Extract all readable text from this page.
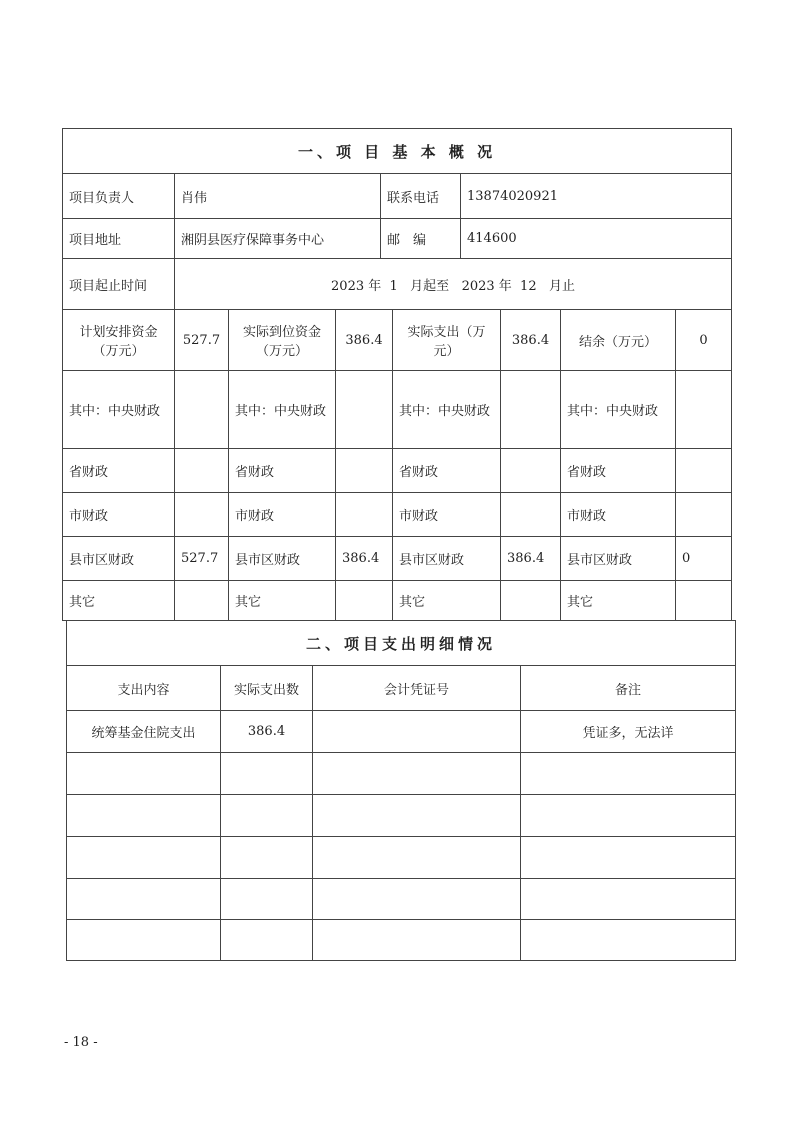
一、项 目 基 本 概 况									
项目负责人	肖伟			联系电话		13874020921			
项目地址	湘阴县医疗保障事务中心			邮　编		414600			
项目起止时间	2023 年  1   月起至   2023 年  12   月止								
计划安排资金（万元）	527.7	实际到位资金（万元）	386.4		实际支出（万元）		386.4	结余（万元）	0
其中：中央财政		其中：中央财政			其中：中央财政			其中：中央财政	
省财政		省财政			省财政			省财政	
市财政		市财政			市财政			市财政	
县市区财政	527.7	县市区财政	386.4		县市区财政		386.4	县市区财政	0
其它		其它			其它			其它	
二、项目支出明细情况			
支出内容	实际支出数	会计凭证号	备注
统筹基金住院支出	386.4		凭证多，无法详

- 18 -
